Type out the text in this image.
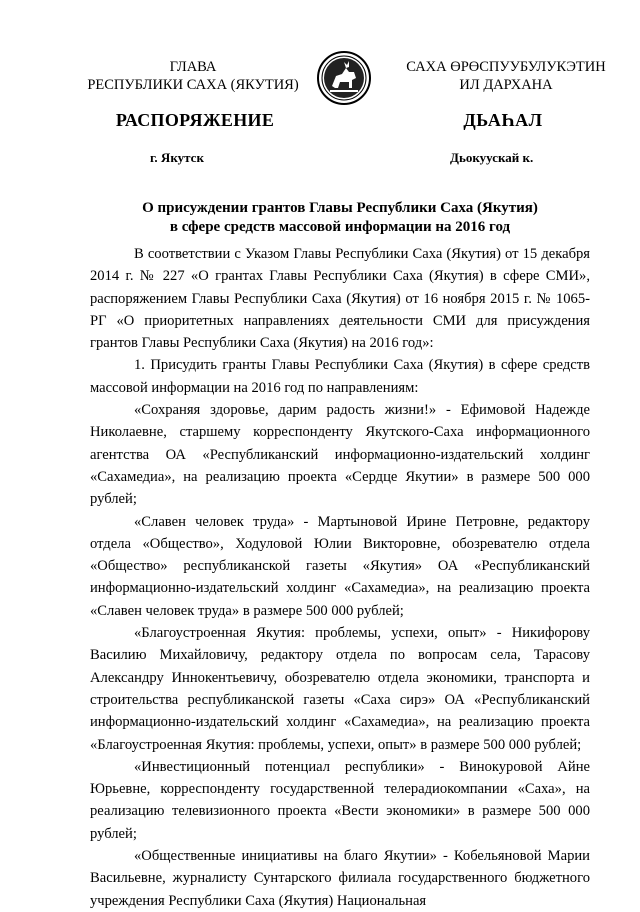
ГЛАВА
РЕСПУБЛИКИ САХА (ЯКУТИЯ)
САХА ӨРӨСПУУБУЛУКЭТИН
ИЛ ДАРХАНА
РАСПОРЯЖЕНИЕ	ДЬАҺАЛ
г. Якутск	Дьокуускай к.
О присуждении грантов Главы Республики Саха (Якутия)
в сфере средств массовой информации на 2016 год

В соответствии с Указом Главы Республики Саха (Якутия) от 15 декабря 2014 г. № 227 «О грантах Главы Республики Саха (Якутия) в сфере СМИ», распоряжением Главы Республики Саха (Якутия) от 16 ноября 2015 г. № 1065-РГ «О приоритетных направлениях деятельности СМИ для присуждения грантов Главы Республики Саха (Якутия) на 2016 год»:

1. Присудить гранты Главы Республики Саха (Якутия) в сфере средств массовой информации на 2016 год по направлениям:

«Сохраняя здоровье, дарим радость жизни!» - Ефимовой Надежде Николаевне, старшему корреспонденту Якутского-Саха информационного агентства ОА «Республиканский информационно-издательский холдинг «Сахамедиа», на реализацию проекта «Сердце Якутии» в размере 500 000 рублей;

«Славен человек труда» - Мартыновой Ирине Петровне, редактору отдела «Общество», Ходуловой Юлии Викторовне, обозревателю отдела «Общество» республиканской газеты «Якутия» ОА «Республиканский информационно-издательский холдинг «Сахамедиа», на реализацию проекта «Славен человек труда» в размере 500 000 рублей;

«Благоустроенная Якутия: проблемы, успехи, опыт» - Никифорову Василию Михайловичу, редактору отдела по вопросам села, Тарасову Александру Иннокентьевичу, обозревателю отдела экономики, транспорта и строительства республиканской газеты «Саха сирэ» ОА «Республиканский информационно-издательский холдинг «Сахамедиа», на реализацию проекта «Благоустроенная Якутия: проблемы, успехи, опыт» в размере 500 000 рублей;

«Инвестиционный потенциал республики» - Винокуровой Айне Юрьевне, корреспонденту государственной телерадиокомпании «Саха», на реализацию телевизионного проекта «Вести экономики» в размере 500 000 рублей;

«Общественные инициативы на благо Якутии» - Кобельяновой Марии Васильевне, журналисту Сунтарского филиала государственного бюджетного учреждения Республики Саха (Якутия) Национальная
